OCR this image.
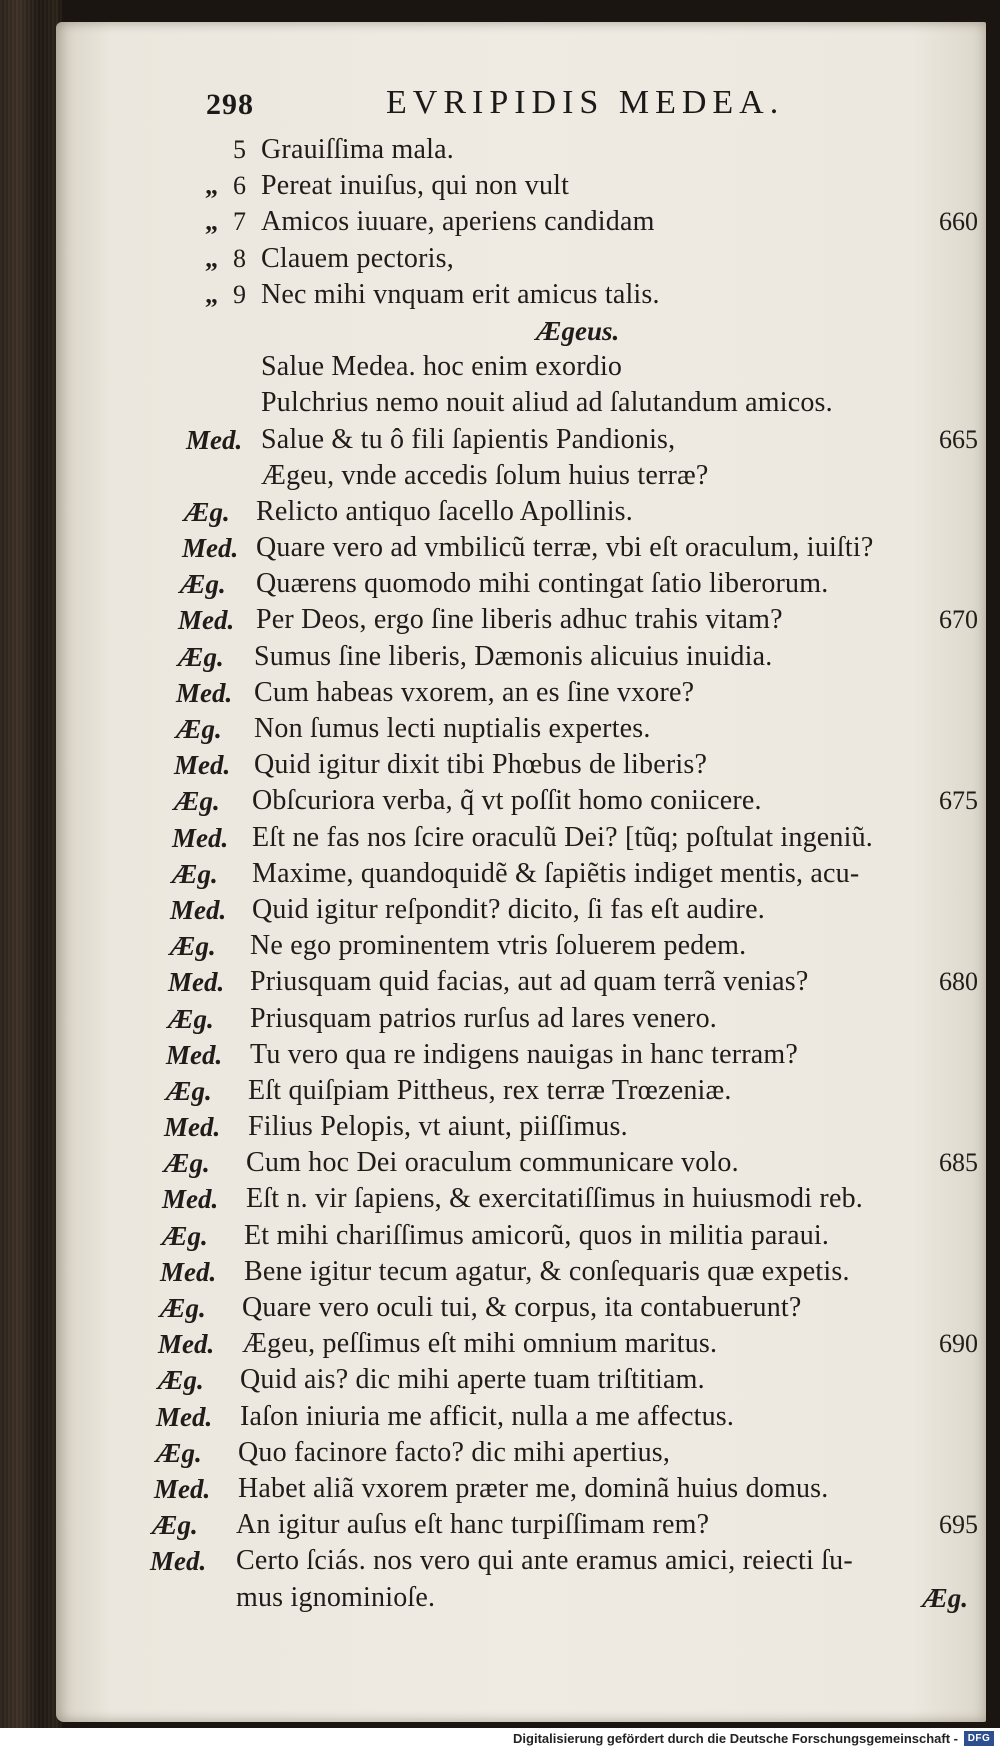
298	EVRIPIDIS MEDEA.
5 Grauiſſima mala.
„ 6 Pereat inuiſus, qui non vult
„ 7 Amicos iuuare, aperiens candidam	660
„ 8 Clauem pectoris,
„ 9 Nec mihi vnquam erit amicus talis.
Ægeus.
Salue Medea. hoc enim exordio
Pulchrius nemo nouit aliud ad ſalutandum amicos.
Med. Salue & tu ô fili ſapientis Pandionis,	665
Ægeu, vnde accedis ſolum huius terræ?
Æg. Relicto antiquo ſacello Apollinis.
Med. Quare vero ad vmbilicũ terræ, vbi eſt oraculum, iuiſti?
Æg. Quærens quomodo mihi contingat ſatio liberorum.
Med. Per Deos, ergo ſine liberis adhuc trahis vitam?	670
Æg. Sumus ſine liberis, Dæmonis alicuius inuidia.
Med. Cum habeas vxorem, an es ſine vxore?
Æg. Non ſumus lecti nuptialis expertes.
Med. Quid igitur dixit tibi Phœbus de liberis?
Æg. Obſcuriora verba, q̃ vt poſſit homo coniicere.	675
Med. Eſt ne fas nos ſcire oraculũ Dei? [tũq; poſtulat ingeniũ.
Æg. Maxime, quandoquidẽ & ſapiẽtis indiget mentis, acu-
Med. Quid igitur reſpondit? dicito, ſi fas eſt audire.
Æg. Ne ego prominentem vtris ſoluerem pedem.
Med. Priusquam quid facias, aut ad quam terrã venias?	680
Æg. Priusquam patrios rurſus ad lares venero.
Med. Tu vero qua re indigens nauigas in hanc terram?
Æg. Eſt quiſpiam Pittheus, rex terræ Trœzeniæ.
Med. Filius Pelopis, vt aiunt, piiſſimus.
Æg. Cum hoc Dei oraculum communicare volo.	685
Med. Eſt n. vir ſapiens, & exercitatiſſimus in huiusmodi reb.
Æg. Et mihi chariſſimus amicorũ, quos in militia paraui.
Med. Bene igitur tecum agatur, & conſequaris quæ expetis.
Æg. Quare vero oculi tui, & corpus, ita contabuerunt?
Med. Ægeu, peſſimus eſt mihi omnium maritus.	690
Æg. Quid ais? dic mihi aperte tuam triſtitiam.
Med. Iaſon iniuria me afficit, nulla a me affectus.
Æg. Quo facinore facto? dic mihi apertius,
Med. Habet aliã vxorem præter me, dominã huius domus.
Æg. An igitur auſus eſt hanc turpiſſimam rem?	695
Med. Certo ſciás. nos vero qui ante eramus amici, reiecti ſu-
mus ignominioſe.	Æg.
Digitalisierung gefördert durch die Deutsche Forschungsgemeinschaft - DFG
